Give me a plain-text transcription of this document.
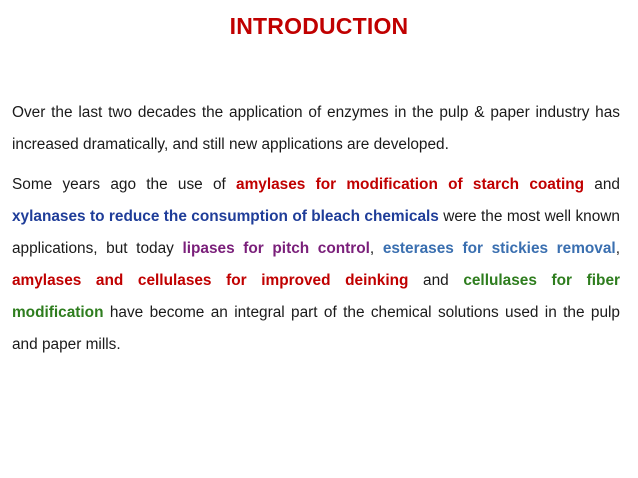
INTRODUCTION

Over the last two decades the application of enzymes in the pulp & paper industry has increased dramatically, and still new applications are developed.

Some years ago the use of amylases for modification of starch coating and xylanases to reduce the consumption of bleach chemicals were the most well known applications, but today lipases for pitch control, esterases for stickies removal, amylases and cellulases for improved deinking and cellulases for fiber modification have become an integral part of the chemical solutions used in the pulp and paper mills.
